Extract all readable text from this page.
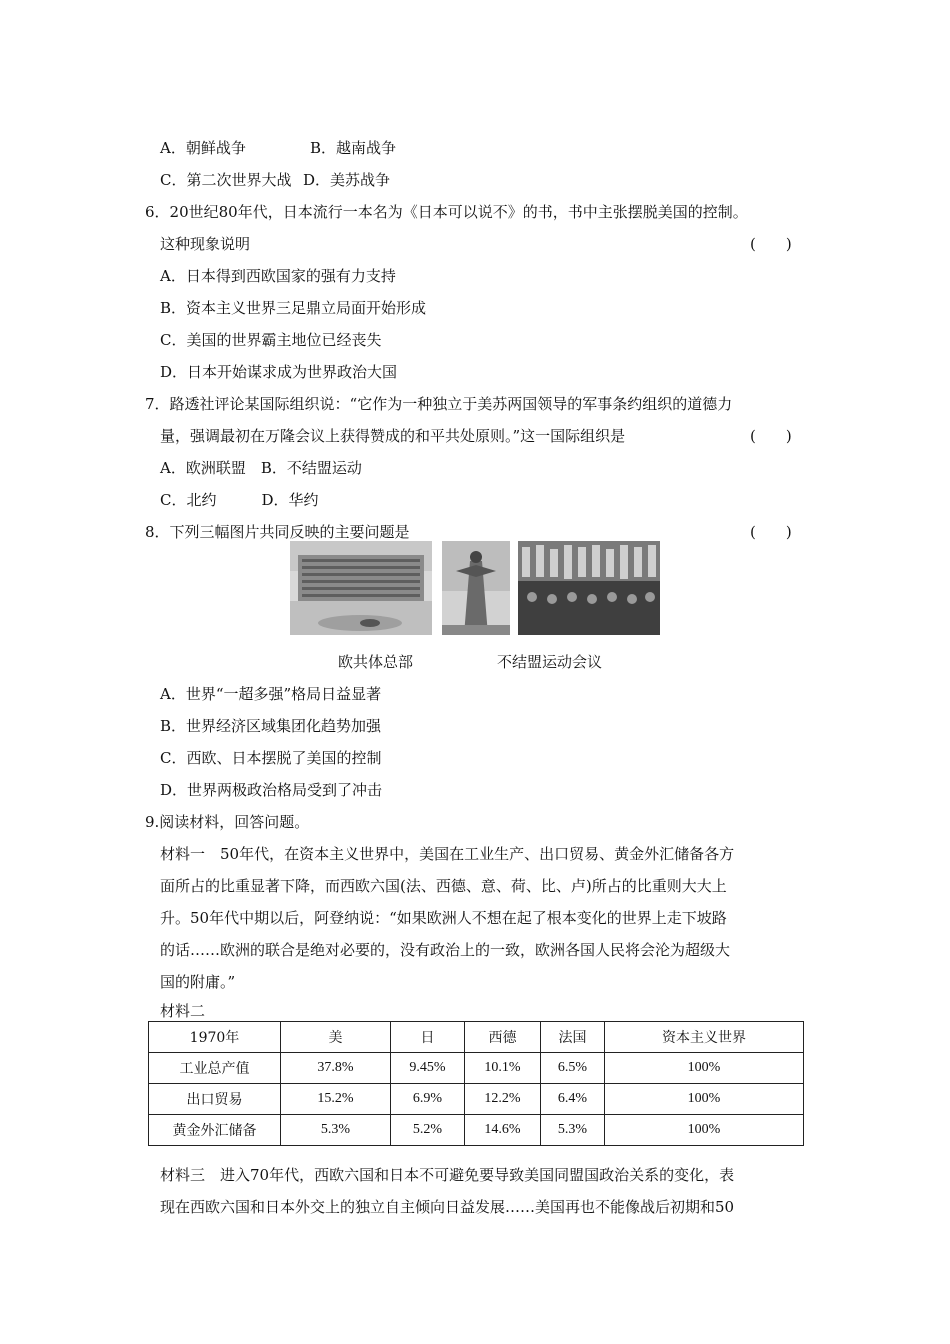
A．朝鲜战争	B．越南战争
C．第二次世界大战 D．美苏战争
6．20世纪80年代，日本流行一本名为《日本可以说不》的书，书中主张摆脱美国的控制。
这种现象说明	(　　)
A．日本得到西欧国家的强有力支持
B．资本主义世界三足鼎立局面开始形成
C．美国的世界霸主地位已经丧失
D．日本开始谋求成为世界政治大国
7．路透社评论某国际组织说：“它作为一种独立于美苏两国领导的军事条约组织的道德力
量，强调最初在万隆会议上获得赞成的和平共处原则。”这一国际组织是	(　　)
A．欧洲联盟　B．不结盟运动
C．北约　　　D．华约
8．下列三幅图片共同反映的主要问题是	(　　)
欧共体总部	不结盟运动会议
A．世界“一超多强”格局日益显著
B．世界经济区域集团化趋势加强
C．西欧、日本摆脱了美国的控制
D．世界两极政治格局受到了冲击
9.阅读材料，回答问题。
材料一　50年代，在资本主义世界中，美国在工业生产、出口贸易、黄金外汇储备各方
面所占的比重显著下降，而西欧六国(法、西德、意、荷、比、卢)所占的比重则大大上
升。50年代中期以后，阿登纳说：“如果欧洲人不想在起了根本变化的世界上走下坡路
的话……欧洲的联合是绝对必要的，没有政治上的一致，欧洲各国人民将会沦为超级大
国的附庸。”
材料二
1970年	美	日	西德	法国	资本主义世界
工业总产值	37.8%	9.45%	10.1%	6.5%	100%
出口贸易	15.2%	6.9%	12.2%	6.4%	100%
黄金外汇储备	5.3%	5.2%	14.6%	5.3%	100%
材料三　进入70年代，西欧六国和日本不可避免要导致美国同盟国政治关系的变化，表
现在西欧六国和日本外交上的独立自主倾向日益发展……美国再也不能像战后初期和50
